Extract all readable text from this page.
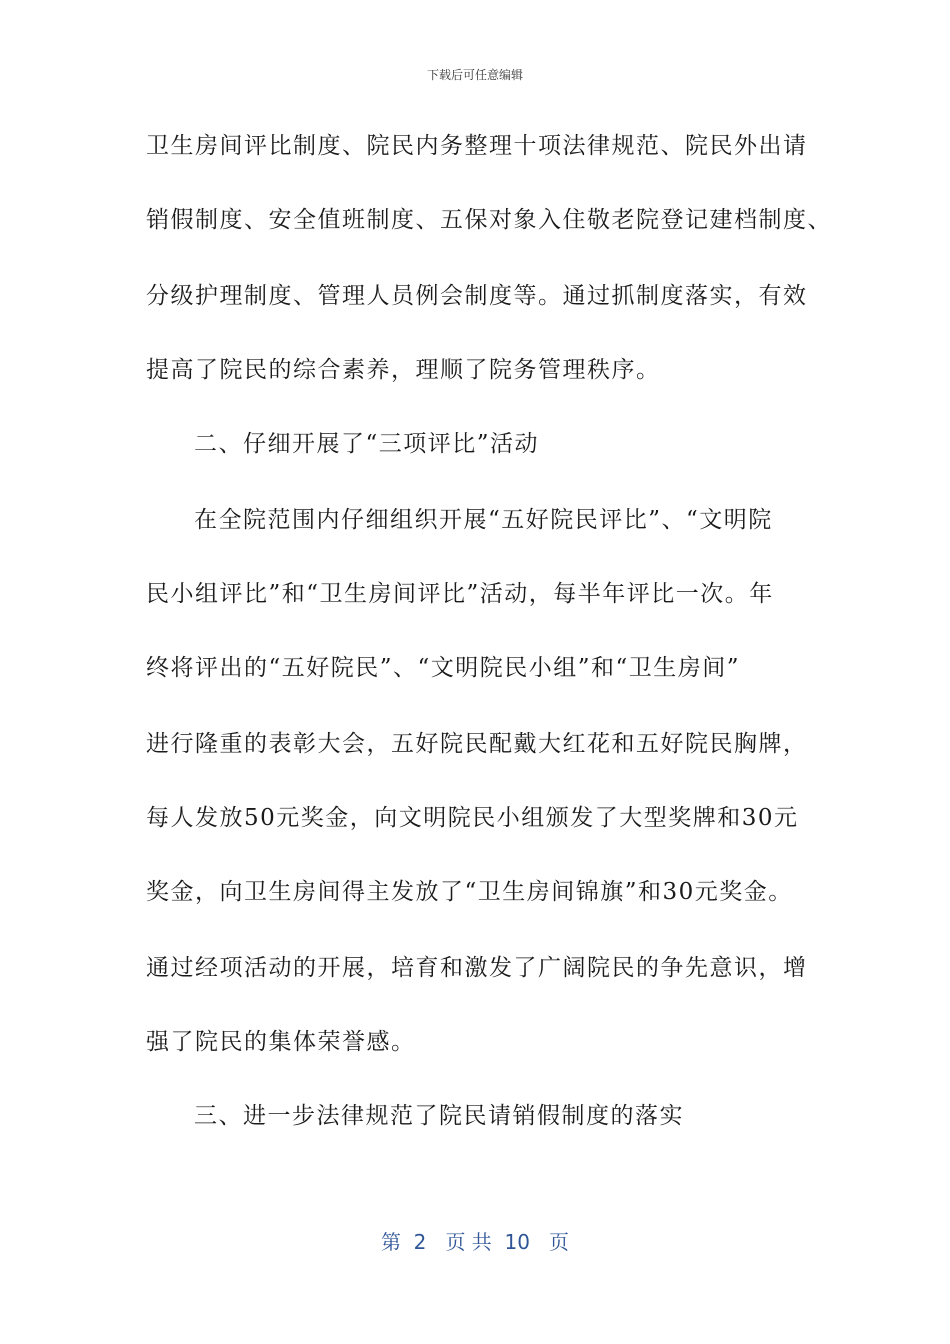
下载后可任意编辑
卫生房间评比制度、院民内务整理十项法律规范、院民外出请
销假制度、安全值班制度、五保对象入住敬老院登记建档制度、
分级护理制度、管理人员例会制度等。通过抓制度落实，有效
提高了院民的综合素养，理顺了院务管理秩序。
二、仔细开展了“三项评比”活动
在全院范围内仔细组织开展“五好院民评比”、“文明院
民小组评比”和“卫生房间评比”活动，每半年评比一次。年
终将评出的“五好院民”、“文明院民小组”和“卫生房间”
进行隆重的表彰大会，五好院民配戴大红花和五好院民胸牌，
每人发放50元奖金，向文明院民小组颁发了大型奖牌和30元
奖金，向卫生房间得主发放了“卫生房间锦旗”和30元奖金。
通过经项活动的开展，培育和激发了广阔院民的争先意识，增
强了院民的集体荣誉感。
三、进一步法律规范了院民请销假制度的落实
第  2   页 共  10   页
